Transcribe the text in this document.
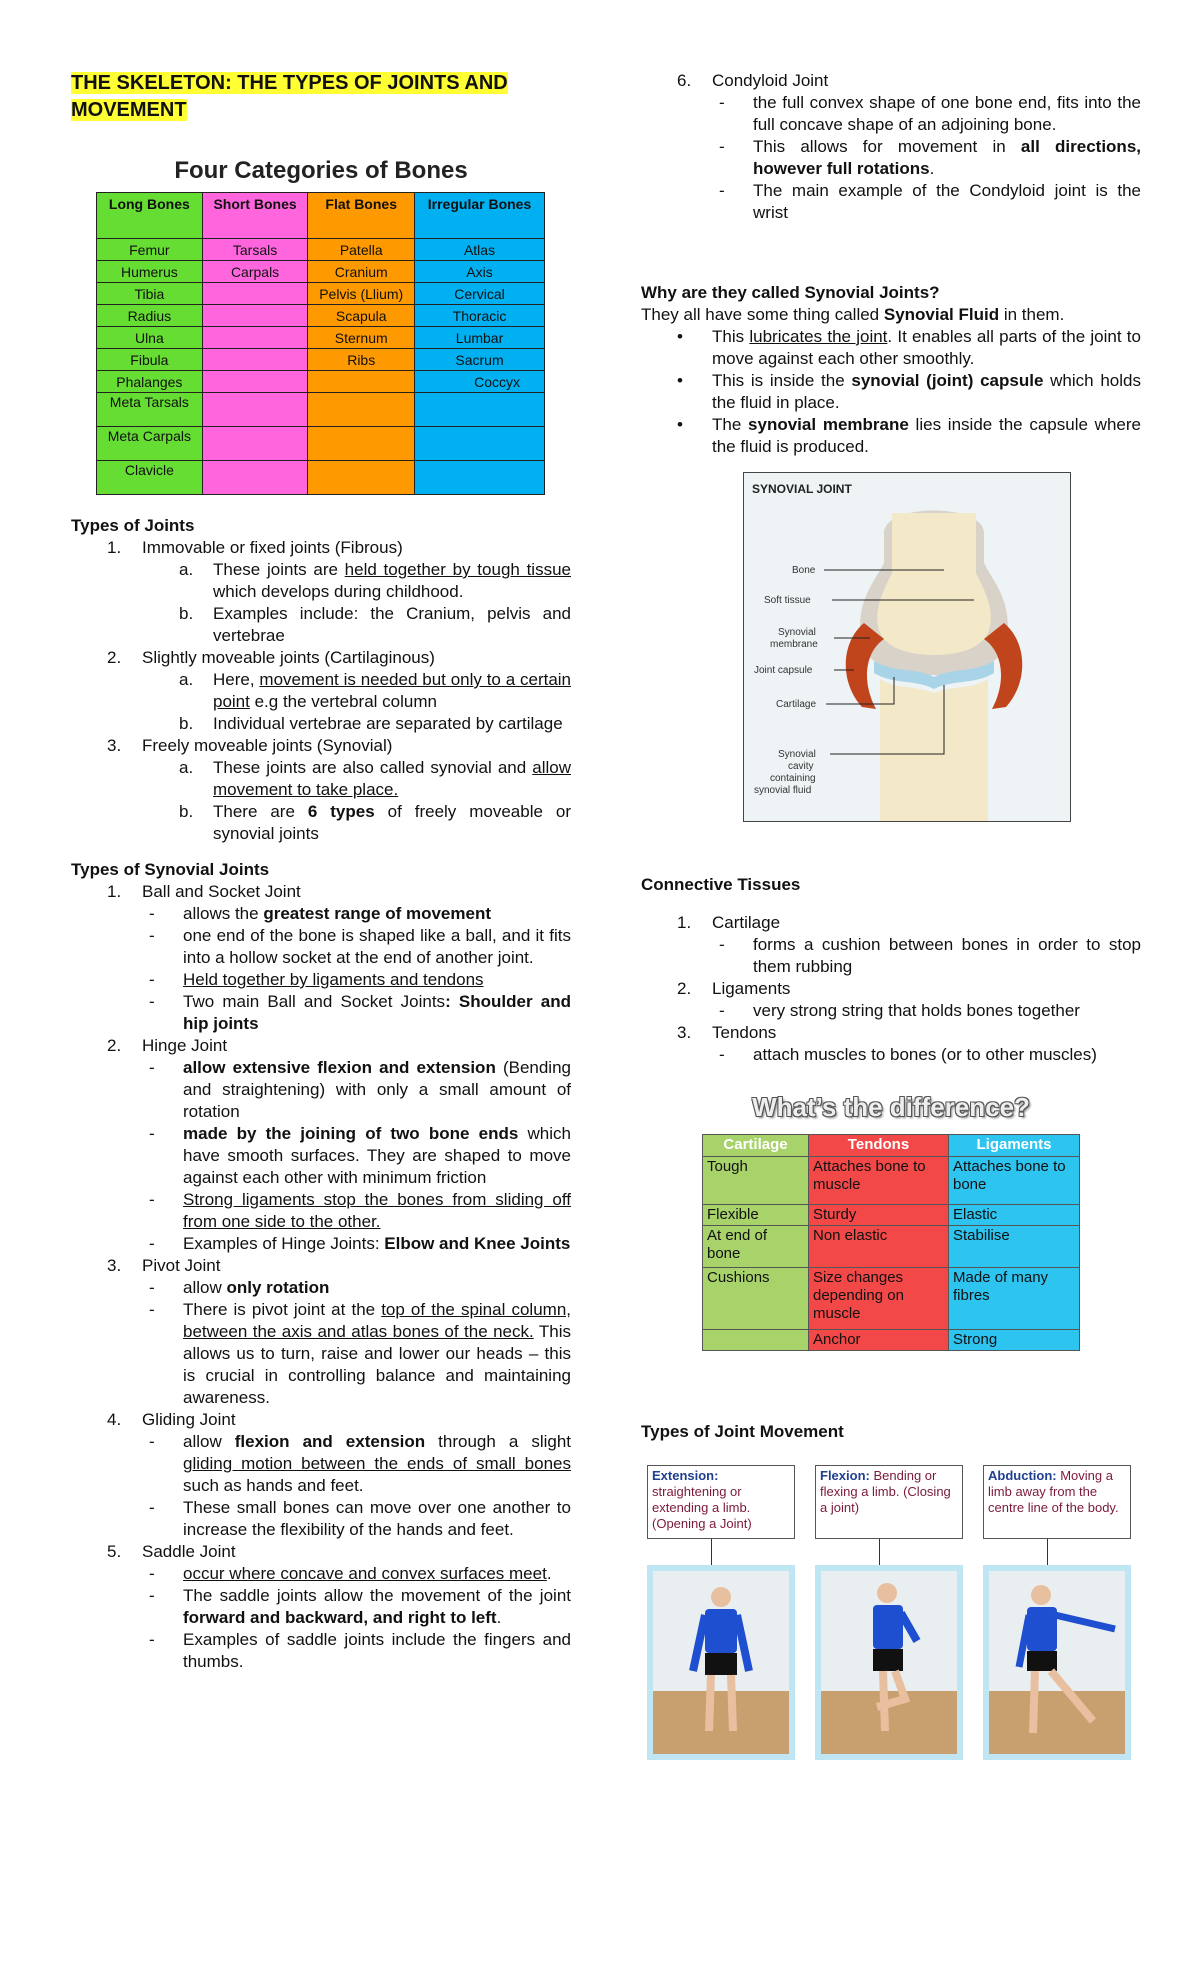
THE SKELETON: THE TYPES OF JOINTS AND MOVEMENT
Four Categories of Bones
Long Bones	Short Bones	Flat Bones	Irregular Bones
Femur	Tarsals	Patella	Atlas
Humerus	Carpals	Cranium	Axis
Tibia		Pelvis (Llium)	Cervical
Radius		Scapula	Thoracic
Ulna		Sternum	Lumbar
Fibula		Ribs	Sacrum
Phalanges			Coccyx
Meta Tarsals			
Meta Carpals			
Clavicle			
Types of Joints
1. Immovable or fixed joints (Fibrous)
a. These joints are held together by tough tissue which develops during childhood.
b. Examples include: the Cranium, pelvis and vertebrae
2. Slightly moveable joints (Cartilaginous)
a. Here, movement is needed but only to a certain point e.g the vertebral column
b. Individual vertebrae are separated by cartilage
3. Freely moveable joints (Synovial)
a. These joints are also called synovial and allow movement to take place.
b. There are 6 types of freely moveable or synovial joints
Types of Synovial Joints
1. Ball and Socket Joint
- allows the greatest range of movement
- one end of the bone is shaped like a ball, and it fits into a hollow socket at the end of another joint.
- Held together by ligaments and tendons
- Two main Ball and Socket Joints: Shoulder and hip joints
2. Hinge Joint
- allow extensive flexion and extension (Bending and straightening) with only a small amount of rotation
- made by the joining of two bone ends which have smooth surfaces. They are shaped to move against each other with minimum friction
- Strong ligaments stop the bones from sliding off from one side to the other.
- Examples of Hinge Joints: Elbow and Knee Joints
3. Pivot Joint
- allow only rotation
- There is pivot joint at the top of the spinal column, between the axis and atlas bones of the neck. This allows us to turn, raise and lower our heads – this is crucial in controlling balance and maintaining awareness.
4. Gliding Joint
- allow flexion and extension through a slight gliding motion between the ends of small bones such as hands and feet.
- These small bones can move over one another to increase the flexibility of the hands and feet.
5. Saddle Joint
- occur where concave and convex surfaces meet.
- The saddle joints allow the movement of the joint forward and backward, and right to left.
- Examples of saddle joints include the fingers and thumbs.
6. Condyloid Joint
- the full convex shape of one bone end, fits into the full concave shape of an adjoining bone.
- This allows for movement in all directions, however full rotations.
- The main example of the Condyloid joint is the wrist
Why are they called Synovial Joints?
They all have some thing called Synovial Fluid in them.
• This lubricates the joint. It enables all parts of the joint to move against each other smoothly.
• This is inside the synovial (joint) capsule which holds the fluid in place.
• The synovial membrane lies inside the capsule where the fluid is produced.
SYNOVIAL JOINT
Bone
Soft tissue
Synovial
membrane
Joint capsule
Cartilage
Synovial
cavity
containing
synovial fluid
Connective Tissues
1. Cartilage
- forms a cushion between bones in order to stop them rubbing
2. Ligaments
- very strong string that holds bones together
3. Tendons
- attach muscles to bones (or to other muscles)
What’s the difference?
Cartilage	Tendons	Ligaments
Tough	Attaches bone to muscle	Attaches bone to bone
Flexible	Sturdy	Elastic
At end of bone	Non elastic	Stabilise
Cushions	Size changes depending on muscle	Made of many fibres
	Anchor	Strong
Types of Joint Movement
Extension: straightening or extending a limb. (Opening a Joint)
Flexion: Bending or flexing a limb. (Closing a joint)
Abduction: Moving a limb away from the centre line of the body.
